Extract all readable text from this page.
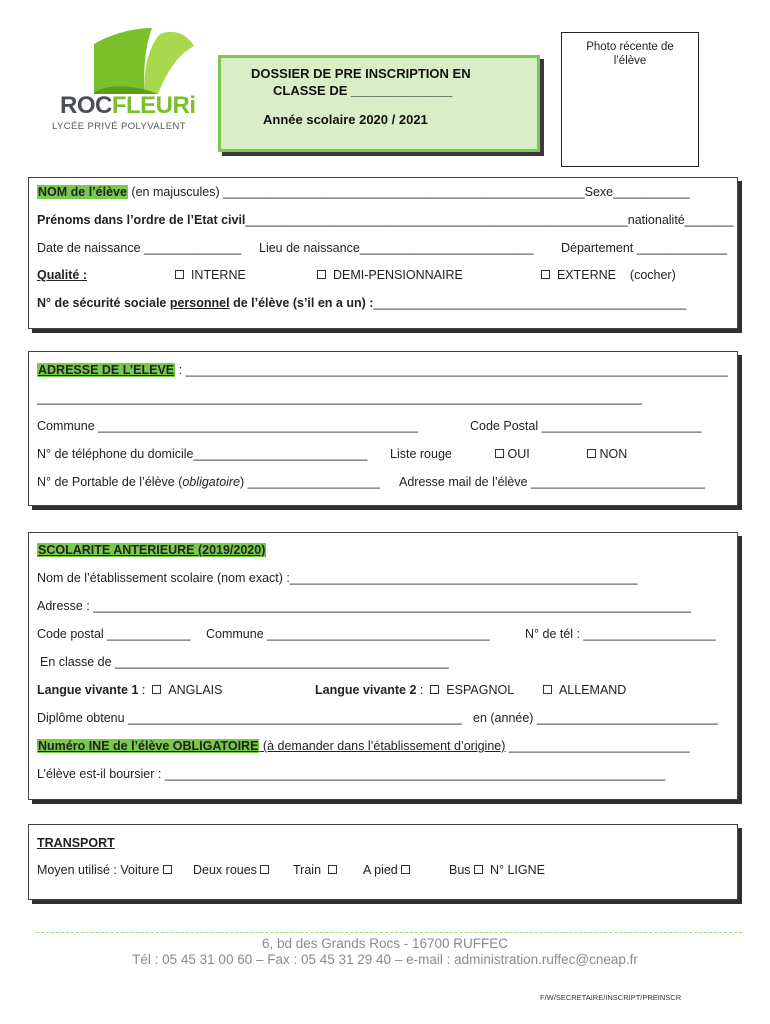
ROCFLEURi
LYCÉE PRIVÉ POLYVALENT
DOSSIER DE PRE INSCRIPTION EN
CLASSE DE ______________
Année scolaire 2020 / 2021
Photo récente de l’élève
NOM de l’élève (en majuscules) ____________________________________________________Sexe___________
Prénoms dans l’ordre de l’Etat civil_______________________________________________________nationalité_______
Date de naissance ______________ Lieu de naissance_________________________ Département _____________
Qualité :	INTERNE	DEMI-PENSIONNAIRE	EXTERNE (cocher)
N° de sécurité sociale personnel de l’élève (s’il en a un) :_____________________________________________
ADRESSE DE L’ELEVE : ______________________________________________________________________________
_______________________________________________________________________________________
Commune ______________________________________________	Code Postal _______________________
N° de téléphone du domicile_________________________ Liste rouge	OUI	NON
N° de Portable de l’élève (obligatoire) ___________________ Adresse mail de l’élève _________________________
SCOLARITE ANTERIEURE (2019/2020)
Nom de l’établissement scolaire (nom exact) :__________________________________________________
Adresse : ______________________________________________________________________________________
Code postal ____________ Commune ________________________________	N° de tél : ___________________
En classe de ________________________________________________
Langue vivante 1 : ANGLAIS	Langue vivante 2 : ESPAGNOL	ALLEMAND
Diplôme obtenu ________________________________________________ en (année) __________________________
Numéro INE de l’élève OBLIGATOIRE (à demander dans l’établissement d’origine) __________________________
L’élève est-il boursier : ________________________________________________________________________
TRANSPORT
Moyen utilisé : Voiture	Deux roues	Train	A pied	Bus N° LIGNE
6, bd des Grands Rocs - 16700 RUFFEC
Tél : 05 45 31 00 60 – Fax : 05 45 31 29 40 – e-mail : administration.ruffec@cneap.fr
F/W/SECRETAIRE/INSCRIPT/PREINSCR
